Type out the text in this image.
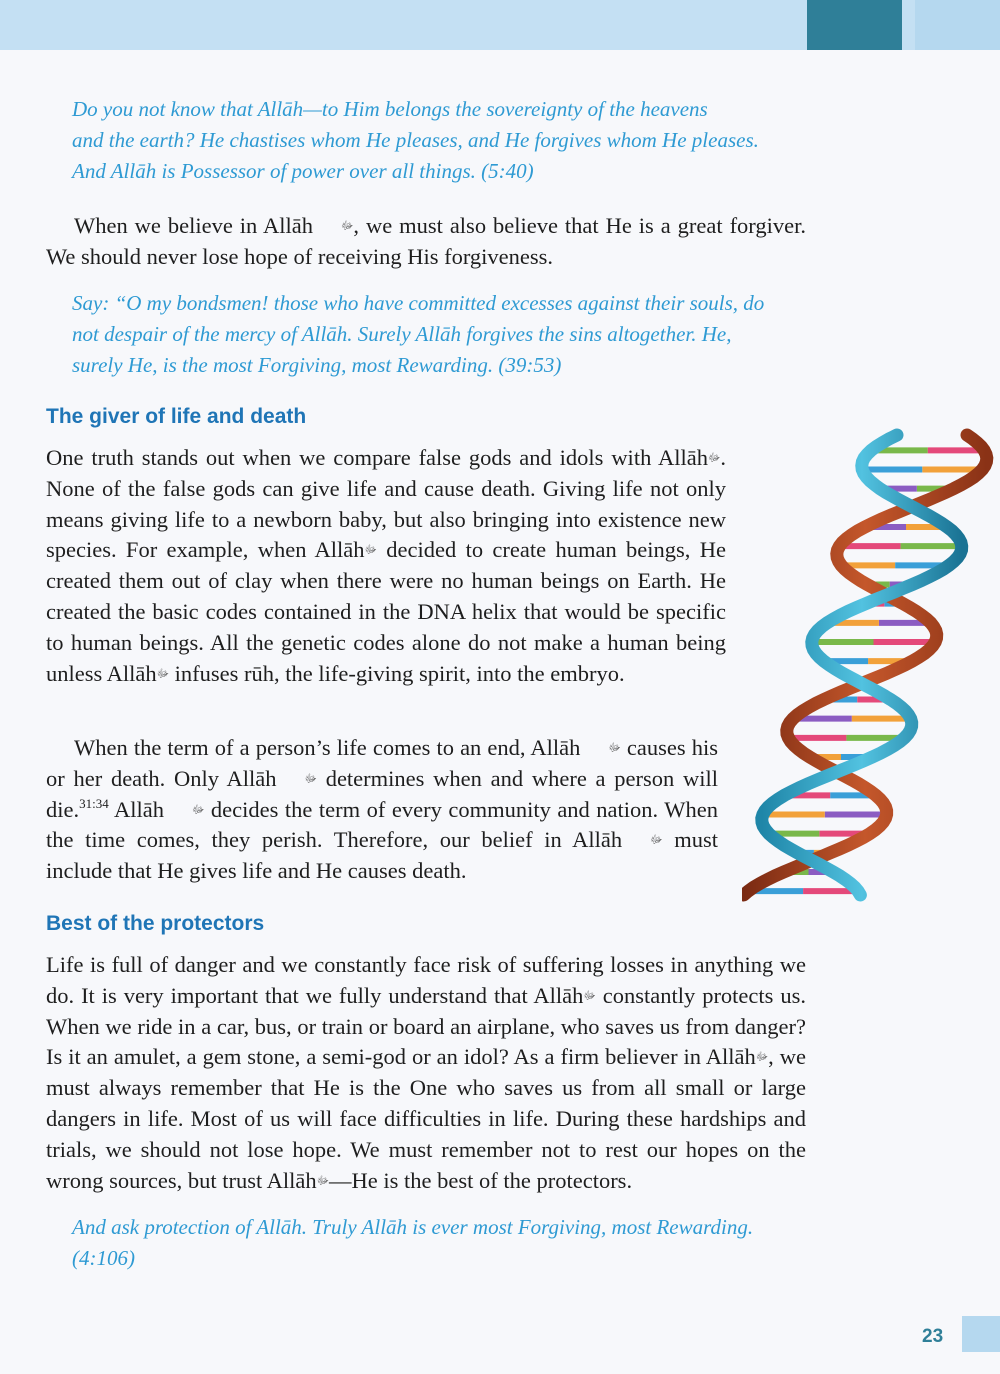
Do you not know that Allāh—to Him belongs the sovereignty of the heavens
and the earth? He chastises whom He pleases, and He forgives whom He pleases.
And Allāh is Possessor of power over all things. (5:40)
When we believe in Allāh	ﷻ, we must also believe that He is a great forgiver. We should never lose hope of receiving His forgiveness.
Say: “O my bondsmen! those who have committed excesses against their souls, do
not despair of the mercy of Allāh. Surely Allāh forgives the sins altogether. He,
surely He, is the most Forgiving, most Rewarding. (39:53)
The giver of life and death
One truth stands out when we compare false gods and idols with Allāhﷻ. None of the false gods can give life and cause death. Giving life not only means giving life to a newborn baby, but also bringing into existence new species. For example, when Allāhﷻ decided to create human beings, He created them out of clay when there were no human beings on Earth. He created the basic codes contained in the DNA helix that would be specific to human beings. All the genetic codes alone do not make a human being unless Allāhﷻ infuses rūh, the life-giving spirit, into the embryo.
When the term of a person’s life comes to an end, Allāh	ﷻ causes his or her death. Only Allāh	ﷻ determines when and where a person will die.$^{31:34}$ Allāh	ﷻ decides the term of every community and nation. When the time comes, they perish. Therefore, our belief in Allāh	ﷻ must include that He gives life and He causes death.
Best of the protectors
Life is full of danger and we constantly face risk of suffering losses in anything we do. It is very important that we fully understand that Allāhﷻ constantly protects us. When we ride in a car, bus, or train or board an airplane, who saves us from danger? Is it an amulet, a gem stone, a semi-god or an idol? As a firm believer in Allāhﷻ, we must always remember that He is the One who saves us from all small or large dangers in life. Most of us will face difficulties in life. During these hardships and trials, we should not lose hope. We must remember not to rest our hopes on the wrong sources, but trust Allāhﷻ—He is the best of the protectors.
And ask protection of Allāh. Truly Allāh is ever most Forgiving, most Rewarding.
(4:106)
23
